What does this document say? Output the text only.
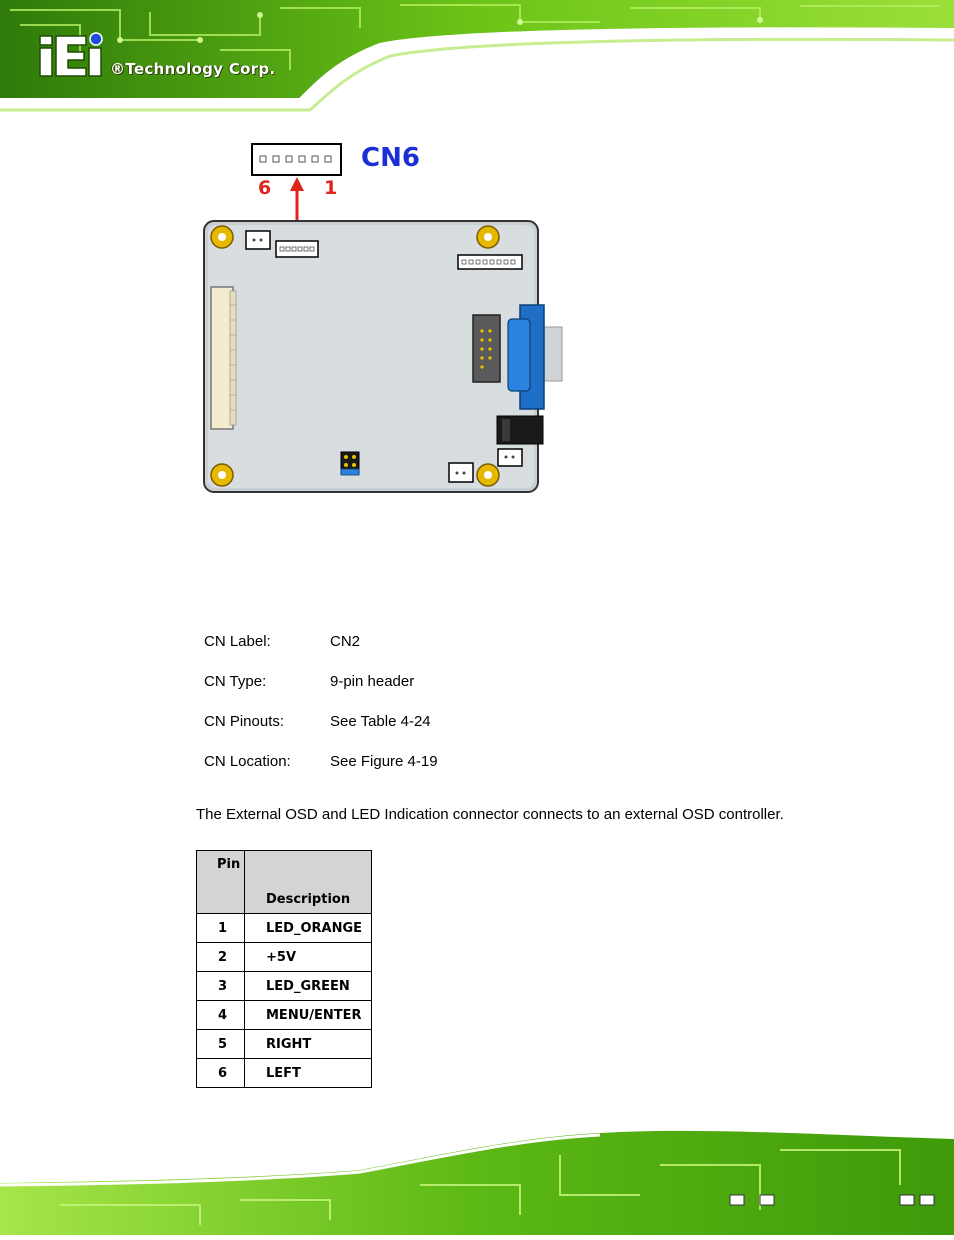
®Technology Corp.
CN6
6	1
CN Label:	CN2
CN Type:	9-pin header
CN Pinouts:	See Table 4-24
CN Location:	See Figure 4-19
The External OSD and LED Indication connector connects to an external OSD controller.
Pin	Description
1	LED_ORANGE
2	+5V
3	LED_GREEN
4	MENU/ENTER
5	RIGHT
6	LEFT
